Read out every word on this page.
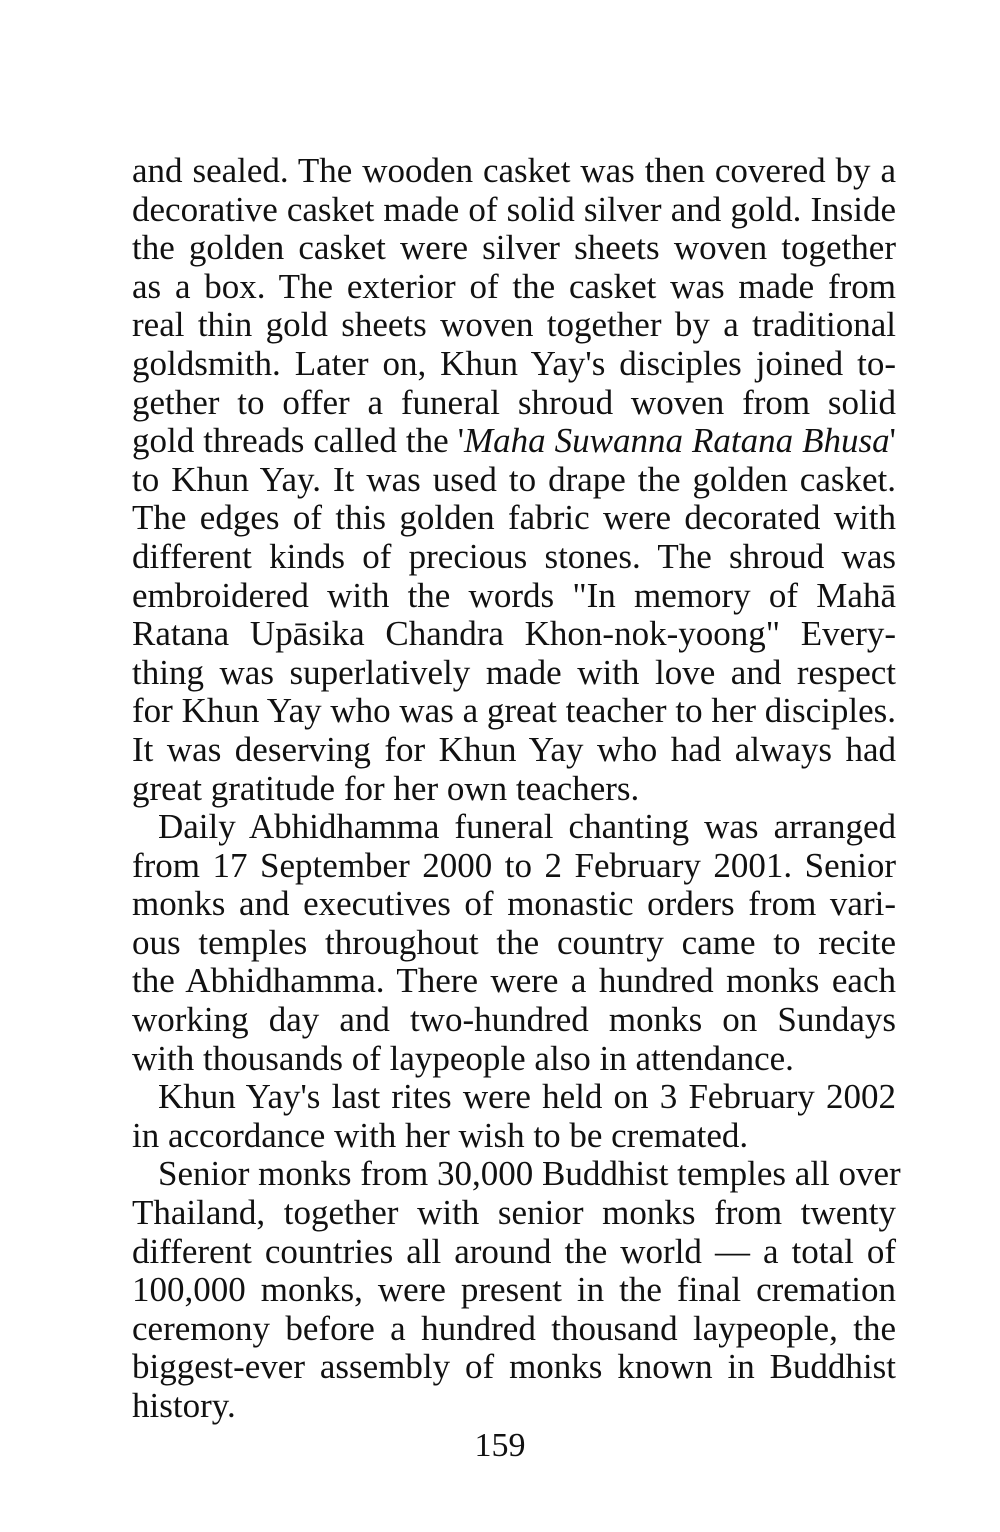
and sealed. The wooden casket was then covered by a
decorative casket made of solid silver and gold. Inside
the golden casket were silver sheets woven together
as a box. The exterior of the casket was made from
real thin gold sheets woven together by a traditional
goldsmith. Later on, Khun Yay's disciples joined to-
gether to offer a funeral shroud woven from solid
gold threads called the 'Maha Suwanna Ratana Bhusa'
to Khun Yay. It was used to drape the golden casket.
The edges of this golden fabric were decorated with
different kinds of precious stones. The shroud was
embroidered with the words "In memory of Mahā
Ratana Upāsika Chandra Khon-nok-yoong" Every-
thing was superlatively made with love and respect
for Khun Yay who was a great teacher to her disciples.
It was deserving for Khun Yay who had always had
great gratitude for her own teachers.
Daily Abhidhamma funeral chanting was arranged
from 17 September 2000 to 2 February 2001. Senior
monks and executives of monastic orders from vari-
ous temples throughout the country came to recite
the Abhidhamma. There were a hundred monks each
working day and two-hundred monks on Sundays
with thousands of laypeople also in attendance.
Khun Yay's last rites were held on 3 February 2002
in accordance with her wish to be cremated.
Senior monks from 30,000 Buddhist temples all over
Thailand, together with senior monks from twenty
different countries all around the world — a total of
100,000 monks, were present in the final cremation
ceremony before a hundred thousand laypeople, the
biggest-ever assembly of monks known in Buddhist
history.
159
